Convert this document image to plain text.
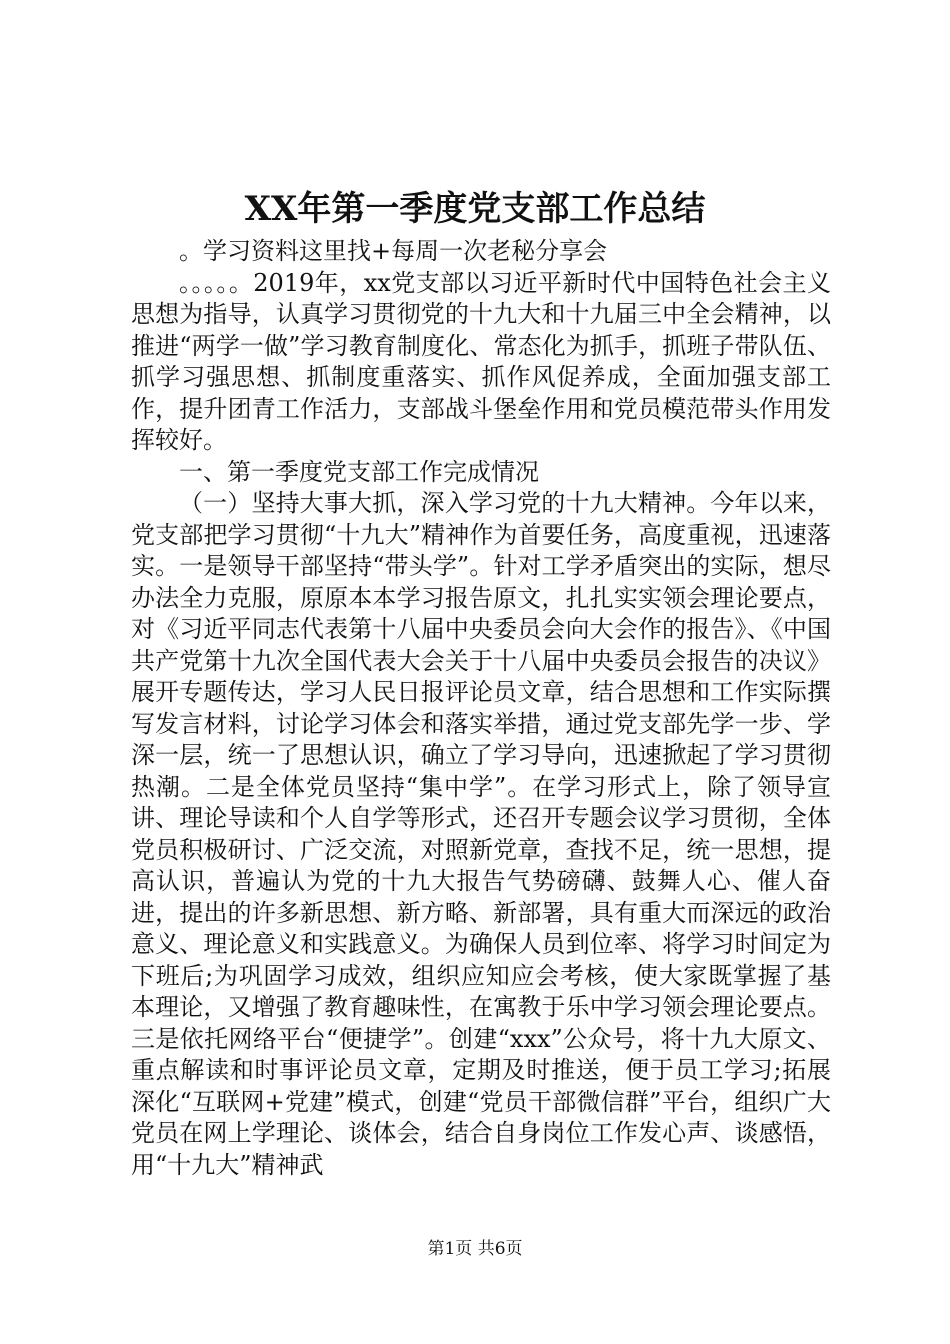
XX年第一季度党支部工作总结

。学习资料这里找+每周一次老秘分享会

。。。。。2019年，xx党支部以习近平新时代中国特色社会主义思想为指导，认真学习贯彻党的十九大和十九届三中全会精神，以推进“两学一做”学习教育制度化、常态化为抓手，抓班子带队伍、抓学习强思想、抓制度重落实、抓作风促养成，全面加强支部工作，提升团青工作活力，支部战斗堡垒作用和党员模范带头作用发挥较好。

一、第一季度党支部工作完成情况

（一）坚持大事大抓，深入学习党的十九大精神。今年以来，党支部把学习贯彻“十九大”精神作为首要任务，高度重视，迅速落实。一是领导干部坚持“带头学”。针对工学矛盾突出的实际，想尽办法全力克服，原原本本学习报告原文，扎扎实实领会理论要点，对《习近平同志代表第十八届中央委员会向大会作的报告》、《中国共产党第十九次全国代表大会关于十八届中央委员会报告的决议》展开专题传达，学习人民日报评论员文章，结合思想和工作实际撰写发言材料，讨论学习体会和落实举措，通过党支部先学一步、学深一层，统一了思想认识，确立了学习导向，迅速掀起了学习贯彻热潮。二是全体党员坚持“集中学”。在学习形式上，除了领导宣讲、理论导读和个人自学等形式，还召开专题会议学习贯彻，全体党员积极研讨、广泛交流，对照新党章，查找不足，统一思想，提高认识，普遍认为党的十九大报告气势磅礴、鼓舞人心、催人奋进，提出的许多新思想、新方略、新部署，具有重大而深远的政治意义、理论意义和实践意义。为确保人员到位率、将学习时间定为下班后;为巩固学习成效，组织应知应会考核，使大家既掌握了基本理论，又增强了教育趣味性，在寓教于乐中学习领会理论要点。三是依托网络平台“便捷学”。创建“xxx”公众号，将十九大原文、重点解读和时事评论员文章，定期及时推送，便于员工学习;拓展深化“互联网+党建”模式，创建“党员干部微信群”平台，组织广大党员在网上学理论、谈体会，结合自身岗位工作发心声、谈感悟，用“十九大”精神武

第1页 共6页
